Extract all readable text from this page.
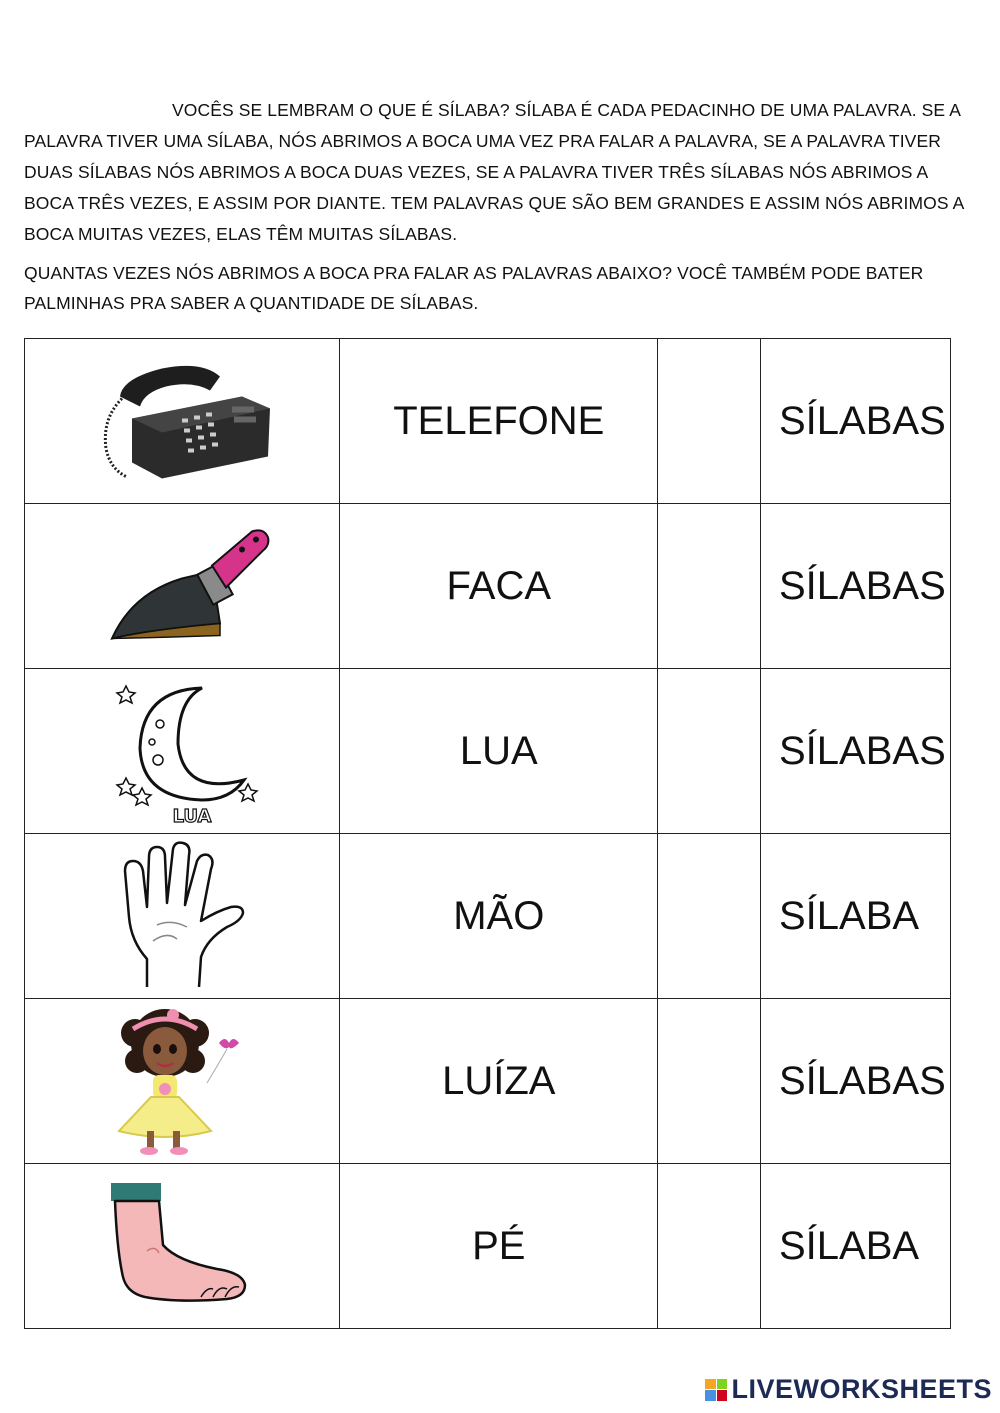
VOCÊS SE LEMBRAM O QUE É SÍLABA? SÍLABA É CADA PEDACINHO DE UMA PALAVRA. SE A PALAVRA TIVER UMA SÍLABA, NÓS ABRIMOS A BOCA UMA VEZ PRA FALAR A PALAVRA, SE A PALAVRA TIVER DUAS SÍLABAS NÓS ABRIMOS A BOCA DUAS VEZES, SE A PALAVRA TIVER TRÊS SÍLABAS NÓS ABRIMOS A BOCA TRÊS VEZES, E ASSIM POR DIANTE. TEM PALAVRAS QUE SÃO BEM GRANDES E ASSIM NÓS ABRIMOS A BOCA MUITAS VEZES, ELAS TÊM MUITAS SÍLABAS.

QUANTAS VEZES NÓS ABRIMOS A BOCA PRA FALAR AS PALAVRAS ABAIXO? VOCÊ TAMBÉM PODE BATER PALMINHAS PRA SABER A QUANTIDADE DE SÍLABAS.

	TELEFONE		SÍLABAS

	FACA		SÍLABAS

LUA	LUA		SÍLABAS

	MÃO		SÍLABA

	LUÍZA		SÍLABAS

	PÉ		SÍLABA
LIVEWORKSHEETS
